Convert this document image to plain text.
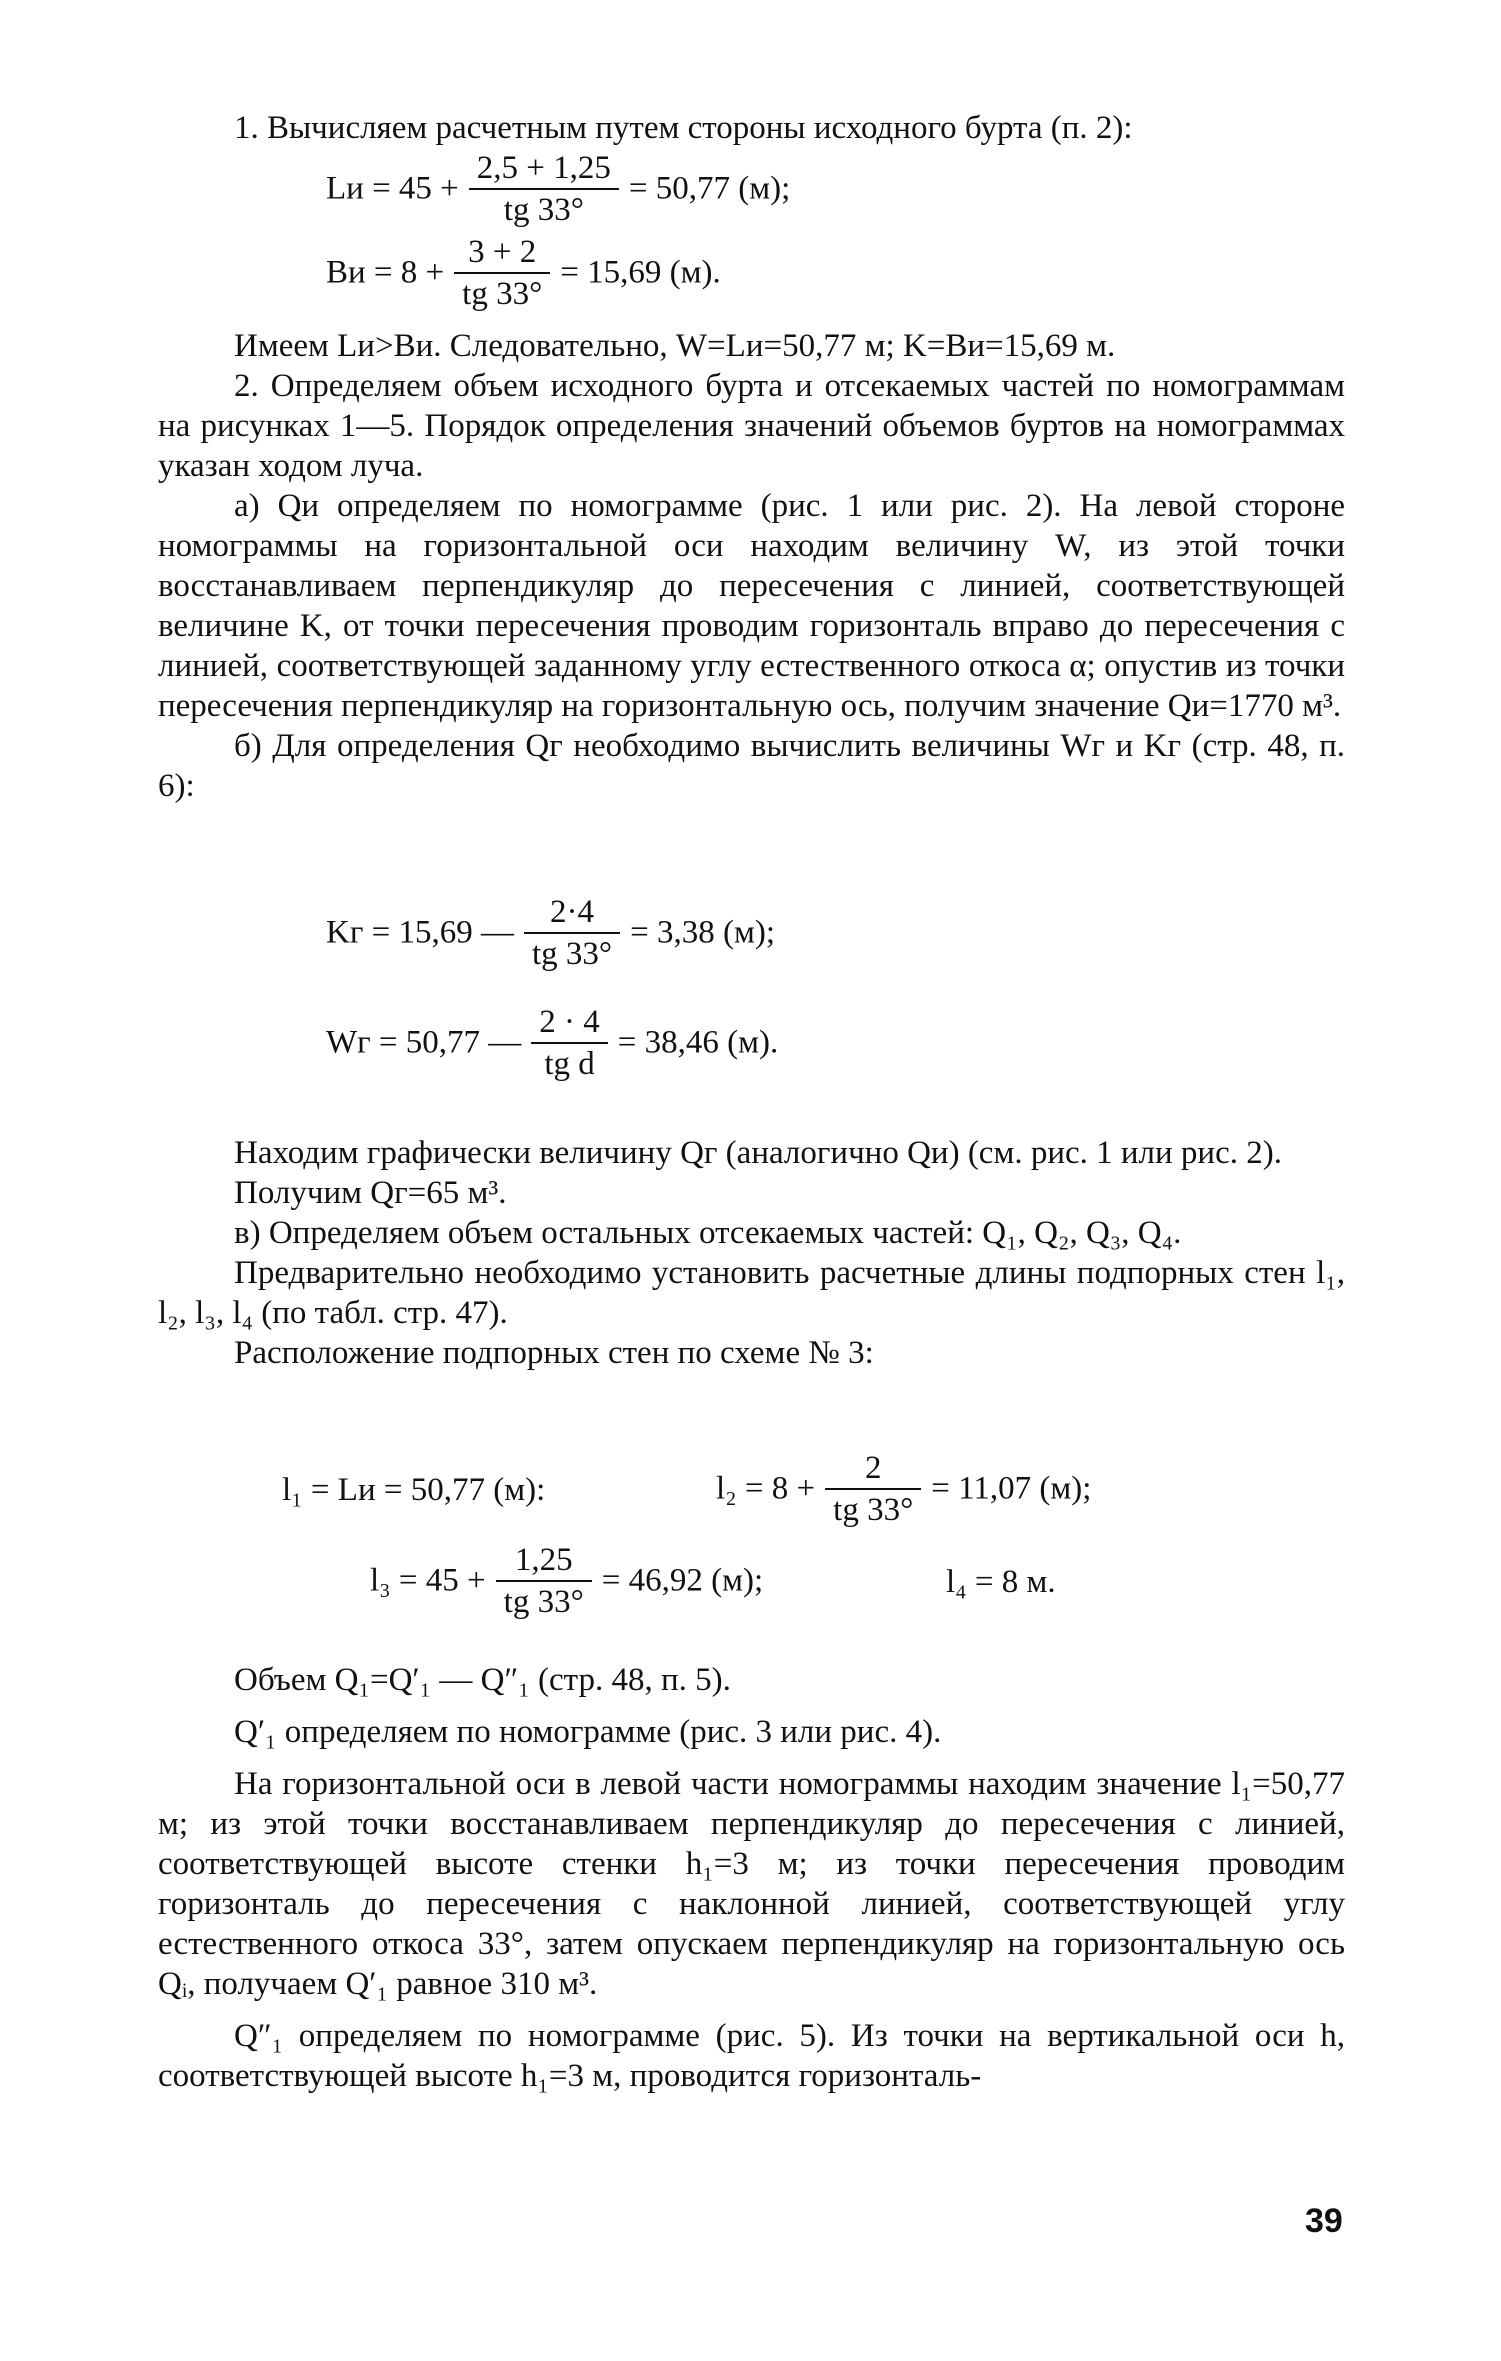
1. Вычисляем расчетным путем стороны исходного бурта (п. 2):

Lи = $45 + \frac{2,5 + 1,25}{tg 33^\circ} = 50,77$ (м);
Bи = $8 + \frac{3 + 2}{tg 33^\circ} = 15,69$ (м).

Имеем Lи>Bи. Следовательно, W=Lи=50,77 м; K=Bи=15,69 м.

2. Определяем объем исходного бурта и отсекаемых частей по номограммам на рисунках 1—5. Порядок определения значений объемов буртов на номограммах указан ходом луча.

а) Qи определяем по номограмме (рис. 1 или рис. 2). На левой стороне номограммы на горизонтальной оси находим величину W, из этой точки восстанавливаем перпендикуляр до пересечения с линией, соответствующей величине K, от точки пересечения проводим горизонталь вправо до пересечения с линией, соответствующей заданному углу естественного откоса α; опустив из точки пересечения перпендикуляр на горизонтальную ось, получим значение Qи=1770 м³.

б) Для определения Qг необходимо вычислить величины Wг и Kг (стр. 48, п. 6):

Kг = 15,69 — $\frac{2\cdot 4}{tg 33^\circ} = 3,38$ (м);
Wг = 50,77 — $\frac{2 \cdot 4}{\text{tg d}} = 38,46$ (м).

Находим графически величину Qг (аналогично Qи) (см. рис. 1 или рис. 2).

Получим Qг=65 м³.

в) Определяем объем остальных отсекаемых частей: Q₁, Q₂, Q₃, Q₄.

Предварительно необходимо установить расчетные длины подпорных стен l₁, l₂, l₃, l₄ (по табл. стр. 47).

Расположение подпорных стен по схеме № 3:

l₁ = Lи = 50,77 (м):	$l_2 = 8 + \frac{2}{tg 33^\circ} = 11,07$ (м);
$l_3 = 45 + \frac{1,25}{tg 33^\circ} = 46,92$ (м);	l₄ = 8 м.

Объем Q₁=Q′₁ — Q″₁ (стр. 48, п. 5).

Q′₁ определяем по номограмме (рис. 3 или рис. 4).

На горизонтальной оси в левой части номограммы находим значение l₁=50,77 м; из этой точки восстанавливаем перпендикуляр до пересечения с линией, соответствующей высоте стенки h₁=3 м; из точки пересечения проводим горизонталь до пересечения с наклонной линией, соответствующей углу естественного откоса 33°, затем опускаем перпендикуляр на горизонтальную ось Qᵢ, получаем Q′₁ равное 310 м³.

Q″₁ определяем по номограмме (рис. 5). Из точки на вертикальной оси h, соответствующей высоте h₁=3 м, проводится горизонталь-

39
